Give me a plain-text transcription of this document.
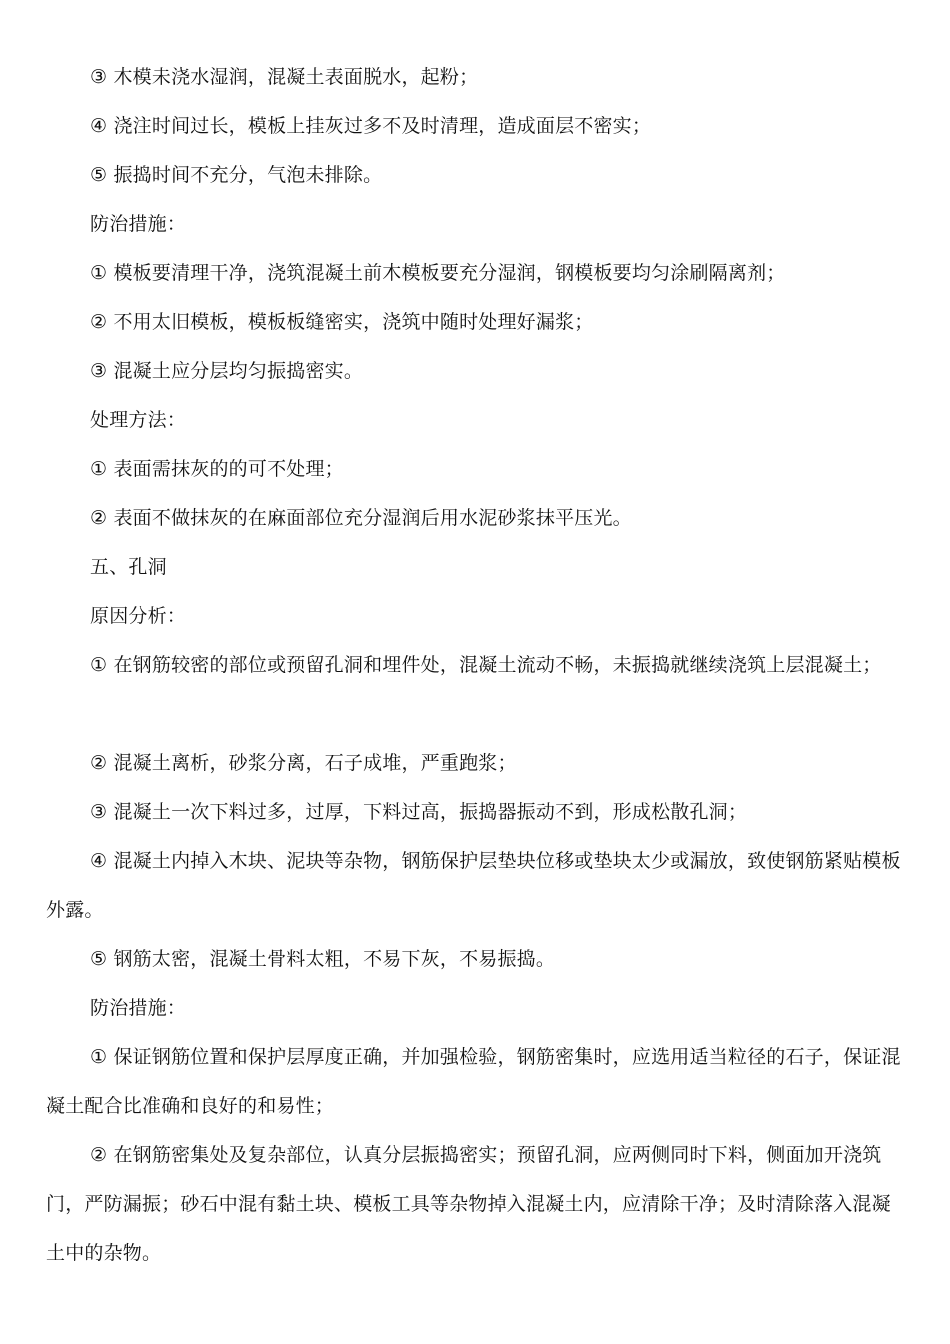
③ 木模未浇水湿润，混凝土表面脱水，起粉；

④ 浇注时间过长，模板上挂灰过多不及时清理，造成面层不密实；

⑤ 振捣时间不充分，气泡未排除。

防治措施：

① 模板要清理干净，浇筑混凝土前木模板要充分湿润，钢模板要均匀涂刷隔离剂；

② 不用太旧模板，模板板缝密实，浇筑中随时处理好漏浆；

③ 混凝土应分层均匀振捣密实。

处理方法：

① 表面需抹灰的的可不处理；

② 表面不做抹灰的在麻面部位充分湿润后用水泥砂浆抹平压光。

五、孔洞

原因分析：

① 在钢筋较密的部位或预留孔洞和埋件处，混凝土流动不畅，未振捣就继续浇筑上层混凝土；

② 混凝土离析，砂浆分离，石子成堆，严重跑浆；

③ 混凝土一次下料过多，过厚，下料过高，振捣器振动不到，形成松散孔洞；

④ 混凝土内掉入木块、泥块等杂物，钢筋保护层垫块位移或垫块太少或漏放，致使钢筋紧贴模板外露。

⑤ 钢筋太密，混凝土骨料太粗，不易下灰，不易振捣。

防治措施：

① 保证钢筋位置和保护层厚度正确，并加强检验，钢筋密集时，应选用适当粒径的石子，保证混凝土配合比准确和良好的和易性；

② 在钢筋密集处及复杂部位，认真分层振捣密实；预留孔洞，应两侧同时下料，侧面加开浇筑门，严防漏振；砂石中混有黏土块、模板工具等杂物掉入混凝土内，应清除干净；及时清除落入混凝土中的杂物。
